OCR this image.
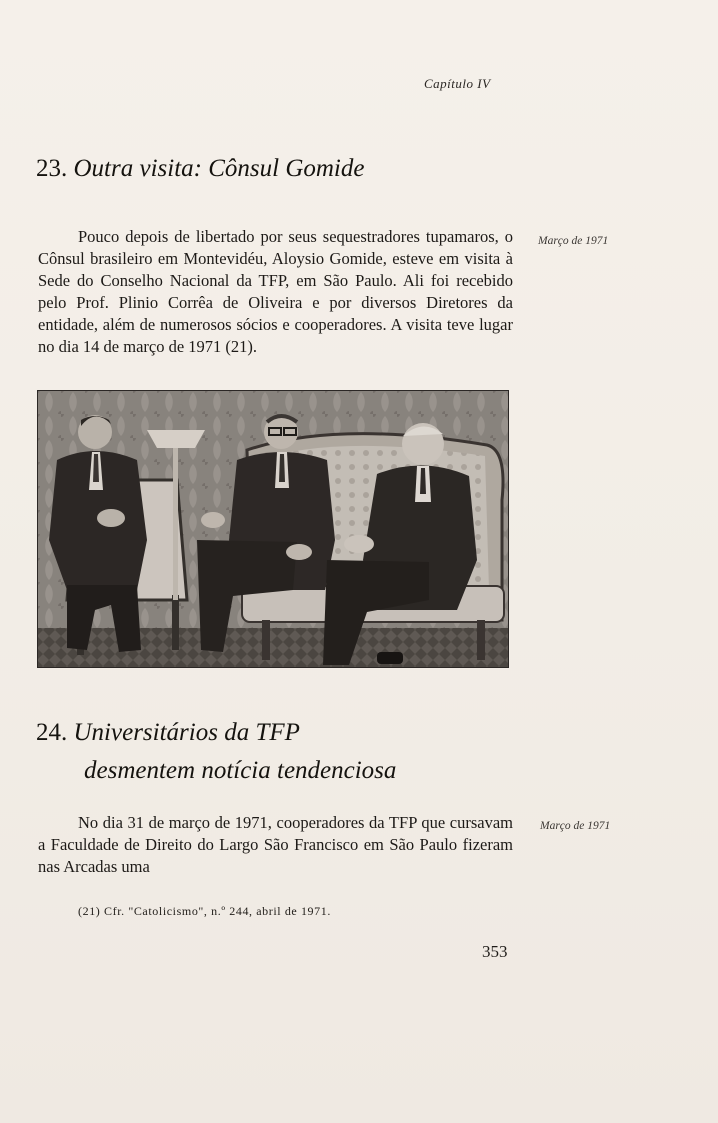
Capítulo IV
23. Outra visita: Cônsul Gomide
Março de 1971

Pouco depois de libertado por seus sequestradores tupamaros, o Cônsul brasileiro em Montevidéu, Aloysio Gomide, esteve em visita à Sede do Conselho Nacional da TFP, em São Paulo. Ali foi recebido pelo Prof. Plinio Corrêa de Oliveira e por diversos Diretores da entidade, além de numerosos sócios e cooperadores. A visita teve lugar no dia 14 de março de 1971 (21).

24. Universitários da TFP
desmentem notícia tendenciosa
Março de 1971

No dia 31 de março de 1971, cooperadores da TFP que cursavam a Faculdade de Direito do Largo São Francisco em São Paulo fizeram nas Arcadas uma

(21) Cfr. "Catolicismo", n.º 244, abril de 1971.
353
